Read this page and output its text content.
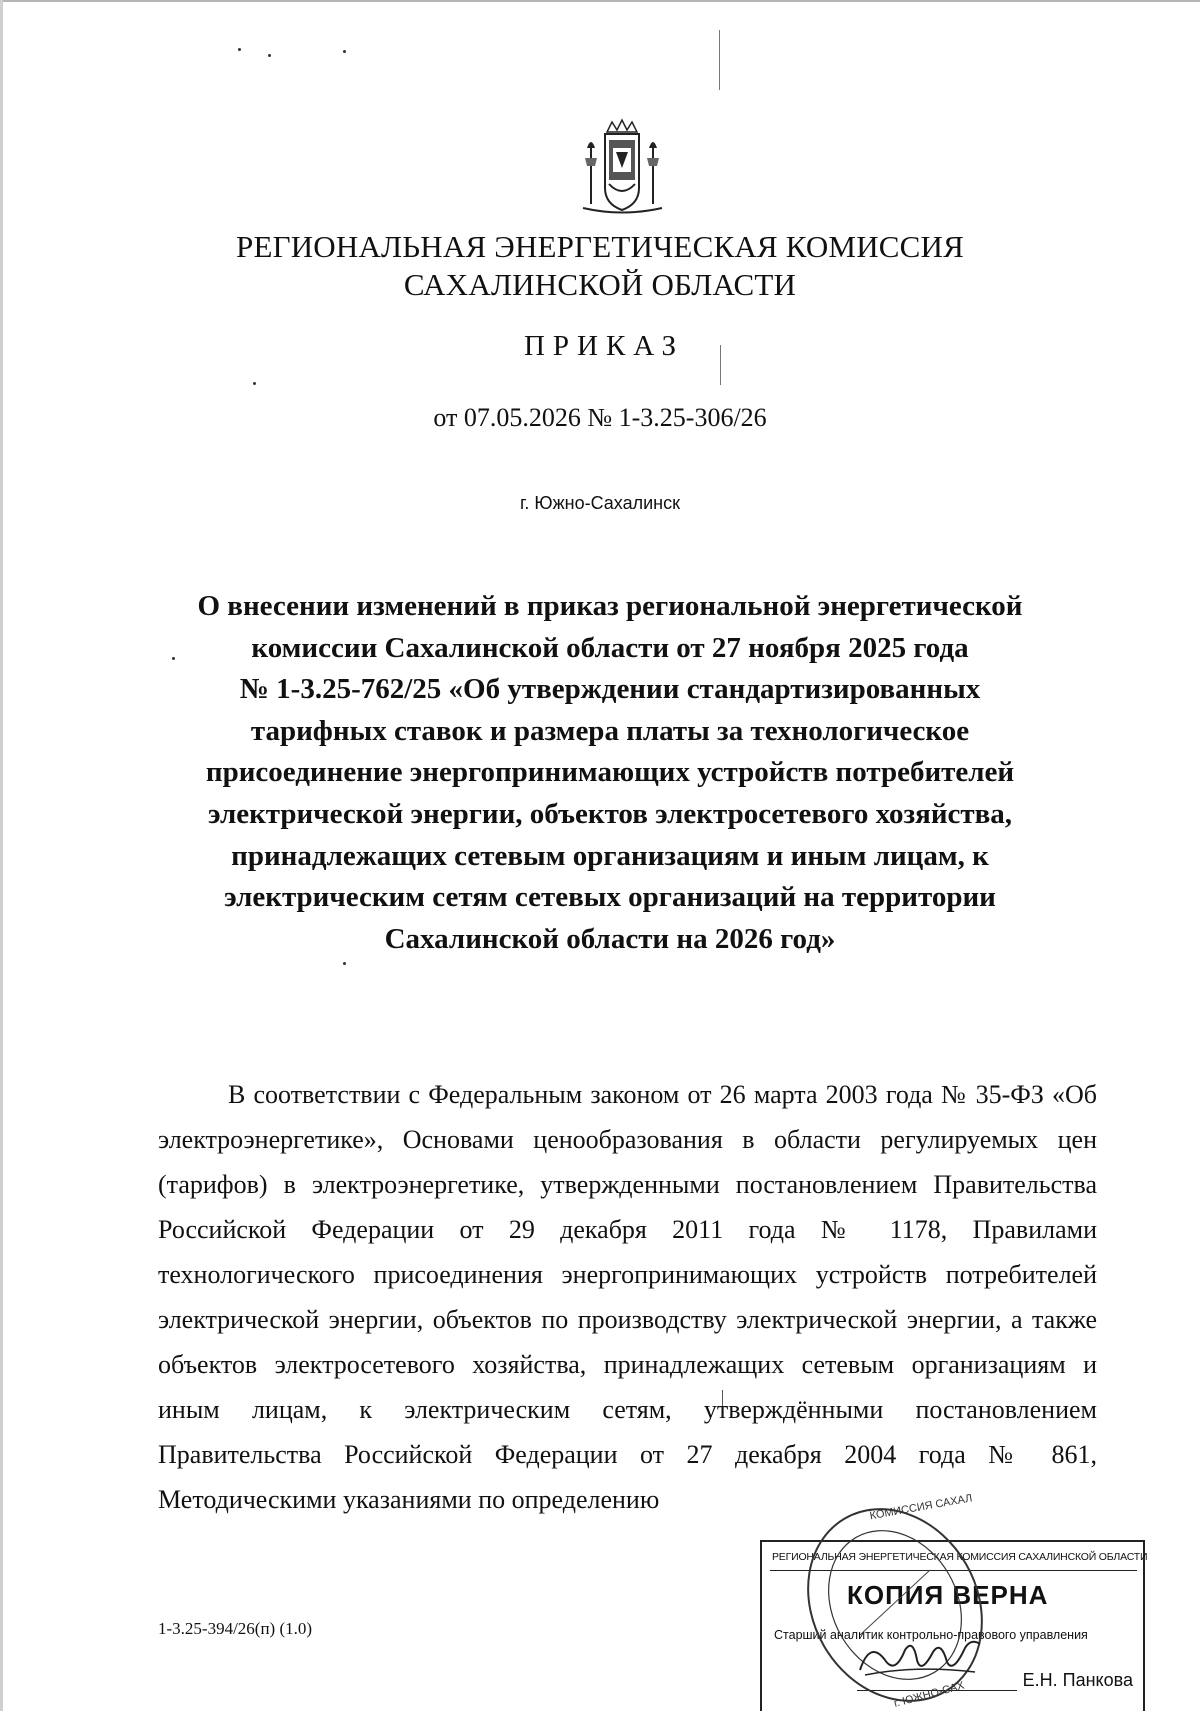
РЕГИОНАЛЬНАЯ ЭНЕРГЕТИЧЕСКАЯ КОМИССИЯ
САХАЛИНСКОЙ ОБЛАСТИ
ПРИКАЗ
от 07.05.2026 № 1-3.25-306/26
г. Южно-Сахалинск
О внесении изменений в приказ региональной энергетической
комиссии Сахалинской области от 27 ноября 2025 года
№ 1-3.25-762/25 «Об утверждении стандартизированных
тарифных ставок и размера платы за технологическое
присоединение энергопринимающих устройств потребителей
электрической энергии, объектов электросетевого хозяйства,
принадлежащих сетевым организациям и иным лицам, к
электрическим сетям сетевых организаций на территории
Сахалинской области на 2026 год»

В соответствии с Федеральным законом от 26 марта 2003 года № 35-ФЗ «Об электроэнергетике», Основами ценообразования в области регулируемых цен (тарифов) в электроэнергетике, утвержденными постановлением Правительства Российской Федерации от 29 декабря 2011 года № 1178, Правилами технологического присоединения энергопринимающих устройств потребителей электрической энергии, объектов по производству электрической энергии, а также объектов электросетевого хозяйства, принадлежащих сетевым организациям и иным лицам, к электрическим сетям, утверждёнными постановлением Правительства Российской Федерации от 27 декабря 2004 года № 861, Методическими указаниями по определению

1-3.25-394/26(п) (1.0)
РЕГИОНАЛЬНАЯ ЭНЕРГЕТИЧЕСКАЯ КОМИССИЯ САХАЛИНСКОЙ ОБЛАСТИ
КОПИЯ ВЕРНА
Старший аналитик контрольно-правового управления
Е.Н. Панкова
КОМИССИЯ САХАЛ
г. ЮЖНО-САХ
